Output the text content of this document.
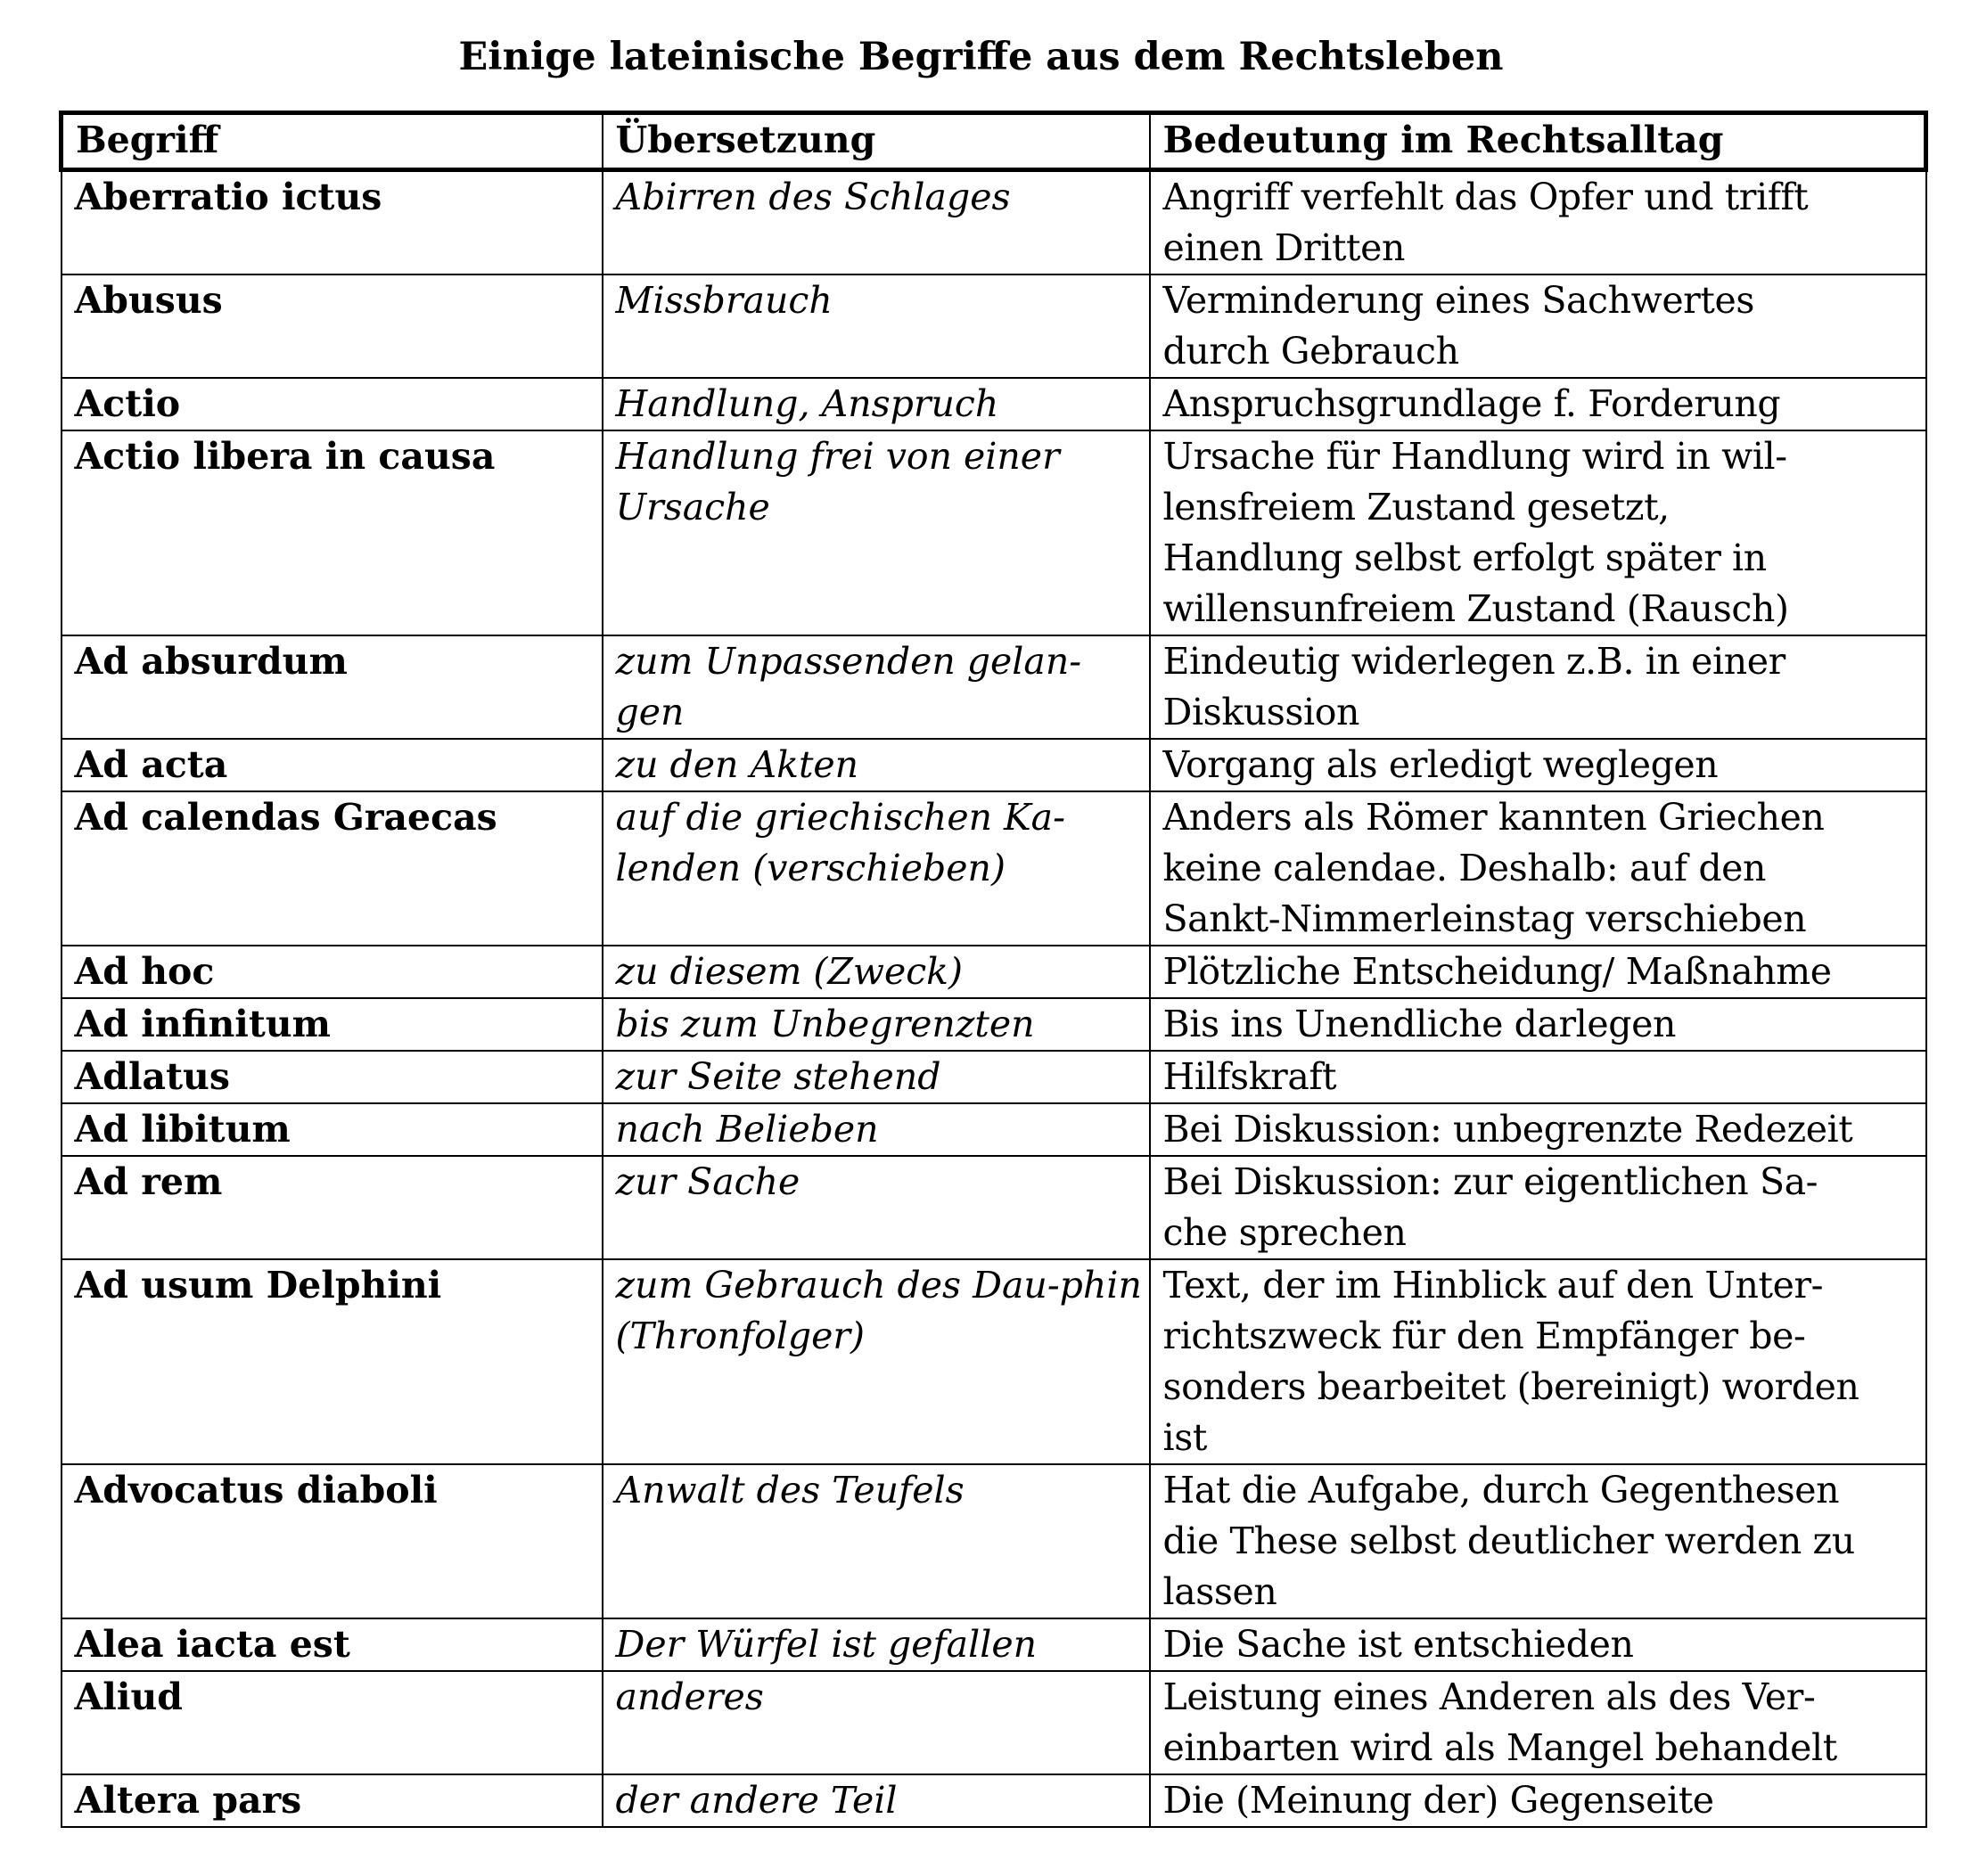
Einige lateinische Begriffe aus dem Rechtsleben
Begriff	Übersetzung	Bedeutung im Rechtsalltag
Aberratio ictus	Abirren des Schlages	Angriff verfehlt das Opfer und trifft
einen Dritten

Abusus	Missbrauch	Verminderung eines Sachwertes
durch Gebrauch

Actio	Handlung, Anspruch	Anspruchsgrundlage f. Forderung

Actio libera in causa	Handlung frei von einer Ursache	Ursache für Handlung wird in wil-
lensfreiem Zustand gesetzt,
Handlung selbst erfolgt später in
willensunfreiem Zustand (Rausch)

Ad absurdum	zum Unpassenden gelan-gen	Eindeutig widerlegen z.B. in einer
Diskussion

Ad acta	zu den Akten	Vorgang als erledigt weglegen

Ad calendas Graecas	auf die griechischen Ka-lenden (verschieben)	Anders als Römer kannten Griechen
keine calendae. Deshalb: auf den
Sankt-Nimmerleinstag verschieben

Ad hoc	zu diesem (Zweck)	Plötzliche Entscheidung/ Maßnahme

Ad infinitum	bis zum Unbegrenzten	Bis ins Unendliche darlegen

Adlatus	zur Seite stehend	Hilfskraft

Ad libitum	nach Belieben	Bei Diskussion: unbegrenzte Redezeit

Ad rem	zur Sache	Bei Diskussion: zur eigentlichen Sa-
che sprechen

Ad usum Delphini	zum Gebrauch des Dau-phin (Thronfolger)	Text, der im Hinblick auf den Unter-
richtszweck für den Empfänger be-
sonders bearbeitet (bereinigt) worden
ist

Advocatus diaboli	Anwalt des Teufels	Hat die Aufgabe, durch Gegenthesen
die These selbst deutlicher werden zu
lassen

Alea iacta est	Der Würfel ist gefallen	Die Sache ist entschieden

Aliud	anderes	Leistung eines Anderen als des Ver-
einbarten wird als Mangel behandelt

Altera pars	der andere Teil	Die (Meinung der) Gegenseite
